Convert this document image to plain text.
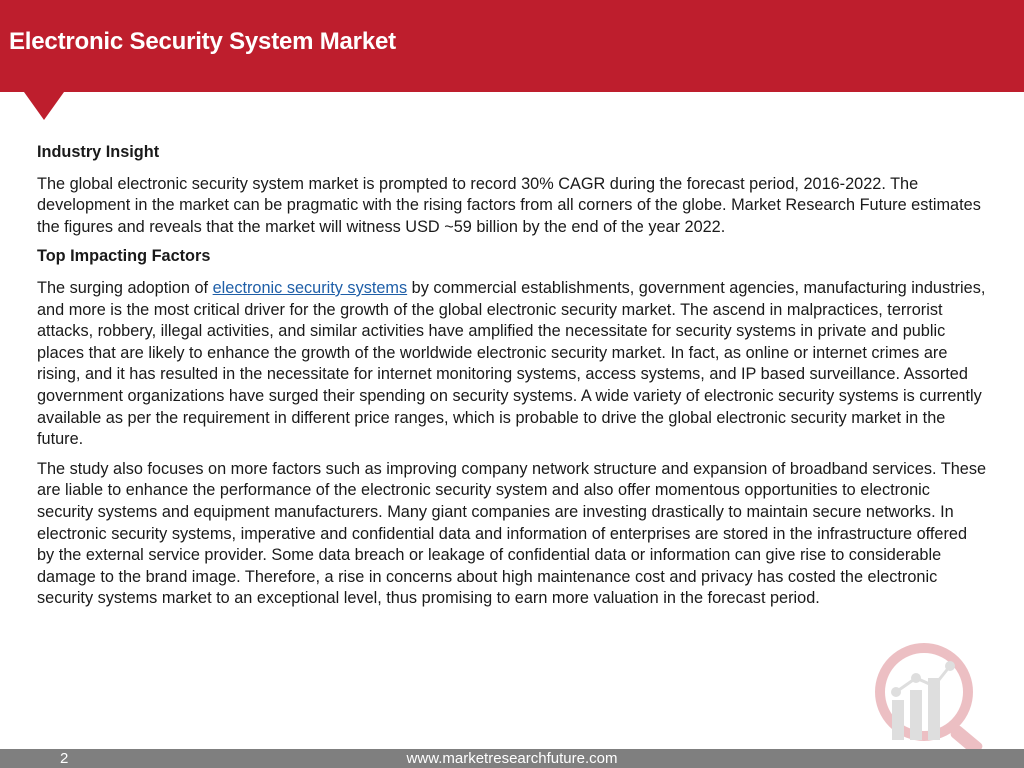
Electronic Security System Market

Industry Insight

The global electronic security system market is prompted to record 30% CAGR during the forecast period, 2016-2022. The development in the market can be pragmatic with the rising factors from all corners of the globe. Market Research Future estimates the figures and reveals that the market will witness USD ~59 billion by the end of the year 2022.

Top Impacting Factors

The surging adoption of electronic security systems by commercial establishments, government agencies, manufacturing industries, and more is the most critical driver for the growth of the global electronic security market. The ascend in malpractices, terrorist attacks, robbery, illegal activities, and similar activities have amplified the necessitate for security systems in private and public places that are likely to enhance the growth of the worldwide electronic security market. In fact, as online or internet crimes are rising, and it has resulted in the necessitate for internet monitoring systems, access systems, and IP based surveillance. Assorted government organizations have surged their spending on security systems. A wide variety of electronic security systems is currently available as per the requirement in different price ranges, which is probable to drive the global electronic security market in the future.

The study also focuses on more factors such as improving company network structure and expansion of broadband services. These are liable to enhance the performance of the electronic security system and also offer momentous opportunities to electronic security systems and equipment manufacturers. Many giant companies are investing drastically to maintain secure networks. In electronic security systems, imperative and confidential data and information of enterprises are stored in the infrastructure offered by the external service provider. Some data breach or leakage of confidential data or information can give rise to considerable damage to the brand image. Therefore, a rise in concerns about high maintenance cost and privacy has costed the electronic security systems market to an exceptional level, thus promising to earn more valuation in the forecast period.

www.marketresearchfuture.com
2
